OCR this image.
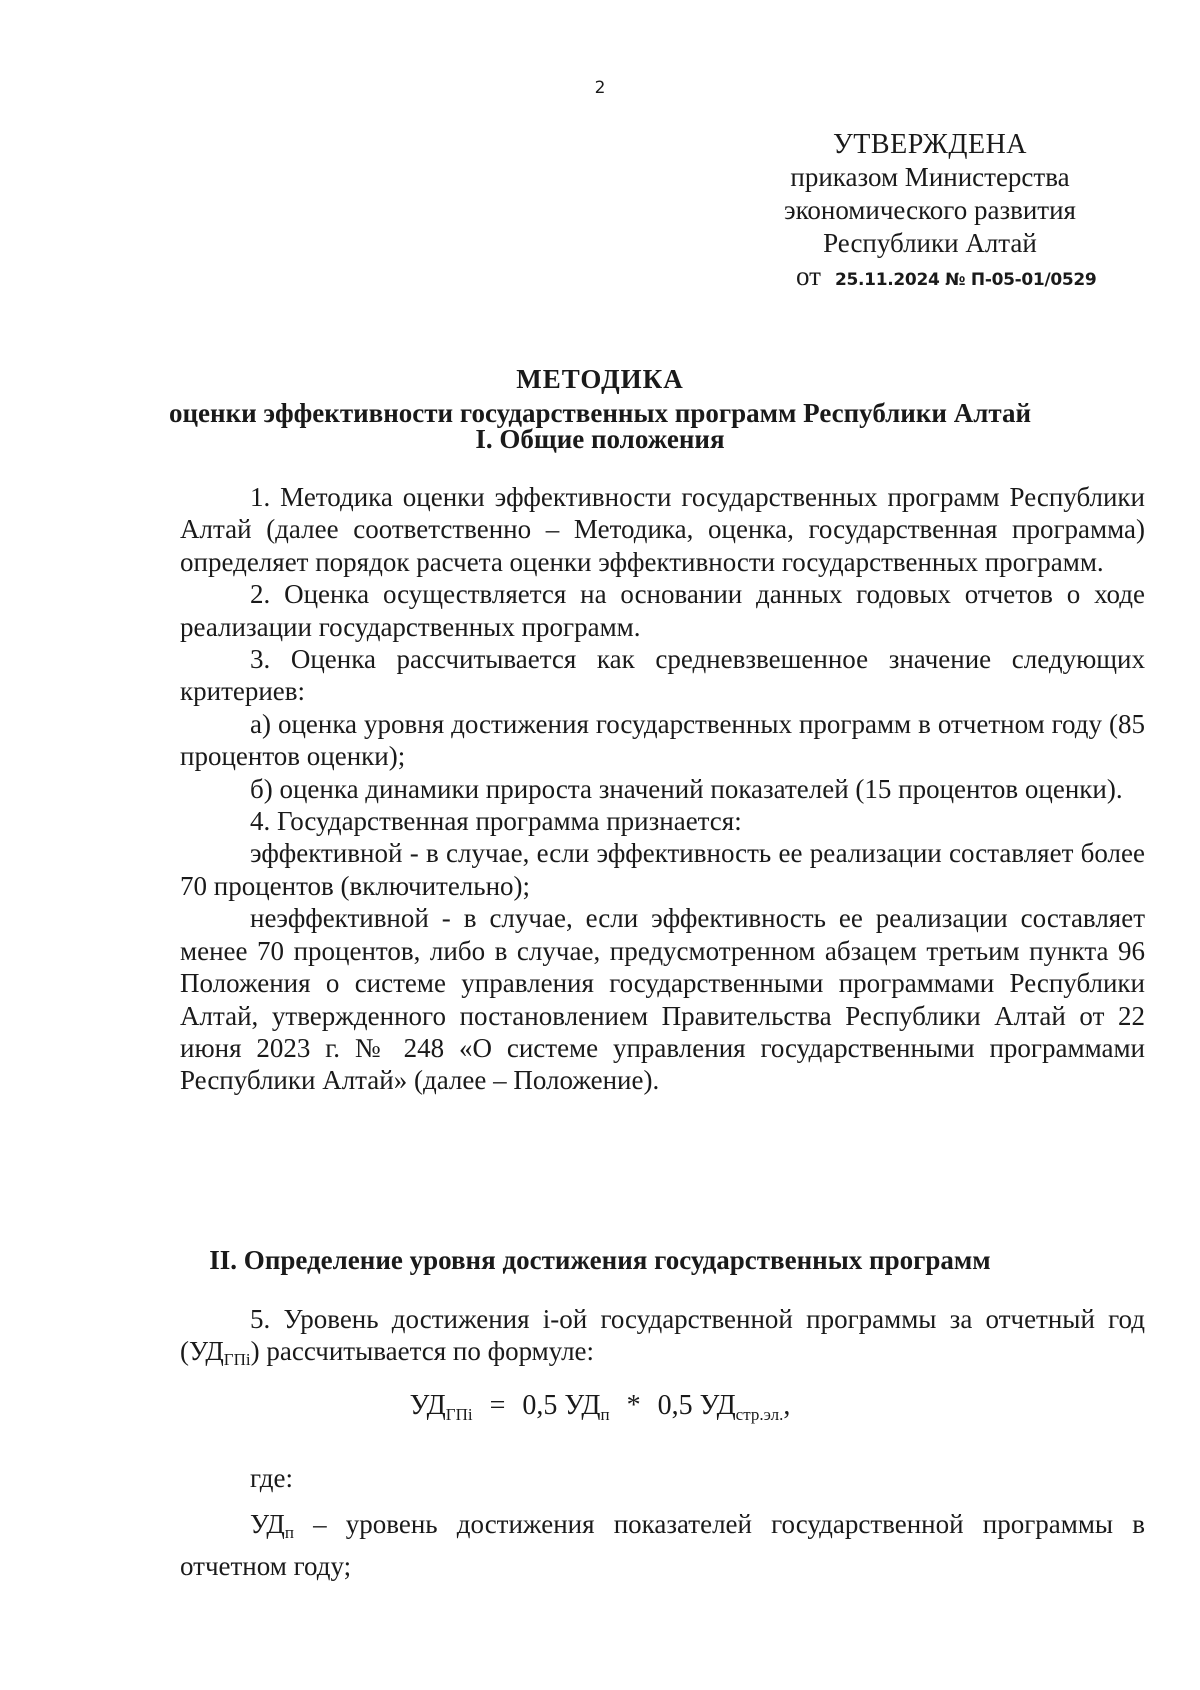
2
УТВЕРЖДЕНА
приказом Министерства
экономического развития
Республики Алтай
от 25.11.2024 № П-05-01/0529
МЕТОДИКА
оценки эффективности государственных программ Республики Алтай
I. Общие положения

1. Методика оценки эффективности государственных программ Республики Алтай (далее соответственно – Методика, оценка, государственная программа) определяет порядок расчета оценки эффективности государственных программ.

2. Оценка осуществляется на основании данных годовых отчетов о ходе реализации государственных программ.

3. Оценка рассчитывается как средневзвешенное значение следующих критериев:

а) оценка уровня достижения государственных программ в отчетном году (85 процентов оценки);

б) оценка динамики прироста значений показателей (15 процентов оценки).

4. Государственная программа признается:

эффективной - в случае, если эффективность ее реализации составляет более 70 процентов (включительно);

неэффективной - в случае, если эффективность ее реализации составляет менее 70 процентов, либо в случае, предусмотренном абзацем третьим пункта 96 Положения о системе управления государственными программами Республики Алтай, утвержденного постановлением Правительства Республики Алтай от 22 июня 2023 г. № 248 «О системе управления государственными программами Республики Алтай» (далее – Положение).

II. Определение уровня достижения государственных программ

5. Уровень достижения i-ой государственной программы за отчетный год $(УД_{ГПi})$ рассчитывается по формуле:

$УД_{ГПi} = 0,5$ $УД_п * 0,5$ $УД_{стр.эл.}$,

где:

$УД_п$ – уровень достижения показателей государственной программы в отчетном году;
